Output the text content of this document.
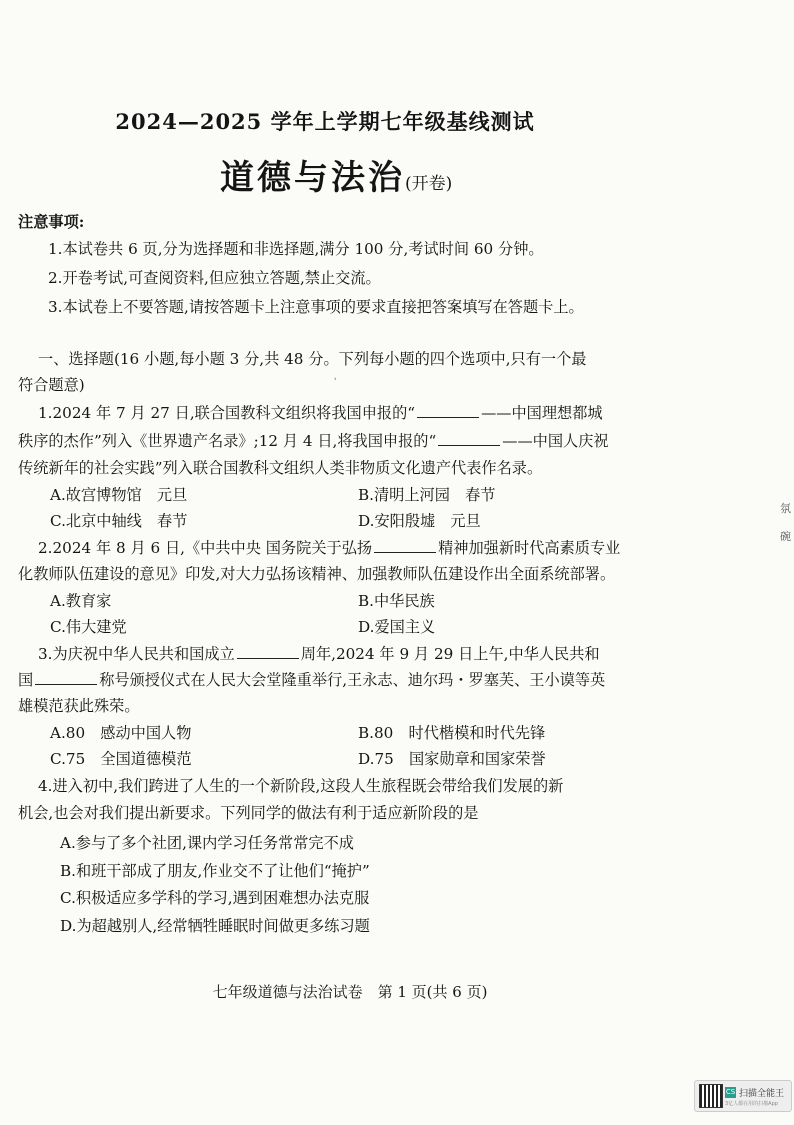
2024—2025 学年上学期七年级基线测试
道德与法治(开卷)
注意事项:
1.本试卷共 6 页,分为选择题和非选择题,满分 100 分,考试时间 60 分钟。
2.开卷考试,可查阅资料,但应独立答题,禁止交流。
3.本试卷上不要答题,请按答题卡上注意事项的要求直接把答案填写在答题卡上。
一、选择题(16 小题,每小题 3 分,共 48 分。下列每小题的四个选项中,只有一个最
符合题意)	ʾ
1.2024 年 7 月 27 日,联合国教科文组织将我国申报的“	——中国理想都城
秩序的杰作”列入《世界遗产名录》;12 月 4 日,将我国申报的“	——中国人庆祝
传统新年的社会实践”列入联合国教科文组织人类非物质文化遗产代表作名录。
A.故宫博物馆　元旦	B.清明上河园　春节
C.北京中轴线　春节	D.安阳殷墟　元旦
2.2024 年 8 月 6 日,《中共中央 国务院关于弘扬	精神加强新时代高素质专业
化教师队伍建设的意见》印发,对大力弘扬该精神、加强教师队伍建设作出全面系统部署。
A.教育家	B.中华民族
C.伟大建党	D.爱国主义
3.为庆祝中华人民共和国成立	周年,2024 年 9 月 29 日上午,中华人民共和
国	称号颁授仪式在人民大会堂隆重举行,王永志、迪尔玛・罗塞芙、王小谟等英
雄模范获此殊荣。
A.80　感动中国人物	B.80　时代楷模和时代先锋
C.75　全国道德模范	D.75　国家勋章和国家荣誉
4.进入初中,我们跨进了人生的一个新阶段,这段人生旅程既会带给我们发展的新
机会,也会对我们提出新要求。下列同学的做法有利于适应新阶段的是
A.参与了多个社团,课内学习任务常常完不成
B.和班干部成了朋友,作业交不了让他们“掩护”
C.积极适应多学科的学习,遇到困难想办法克服
D.为超越别人,经常牺牲睡眠时间做更多练习题
七年级道德与法治试卷　第 1 页(共 6 页)
氛
碗
CS 扫描全能王
3亿人都在用的扫描App
